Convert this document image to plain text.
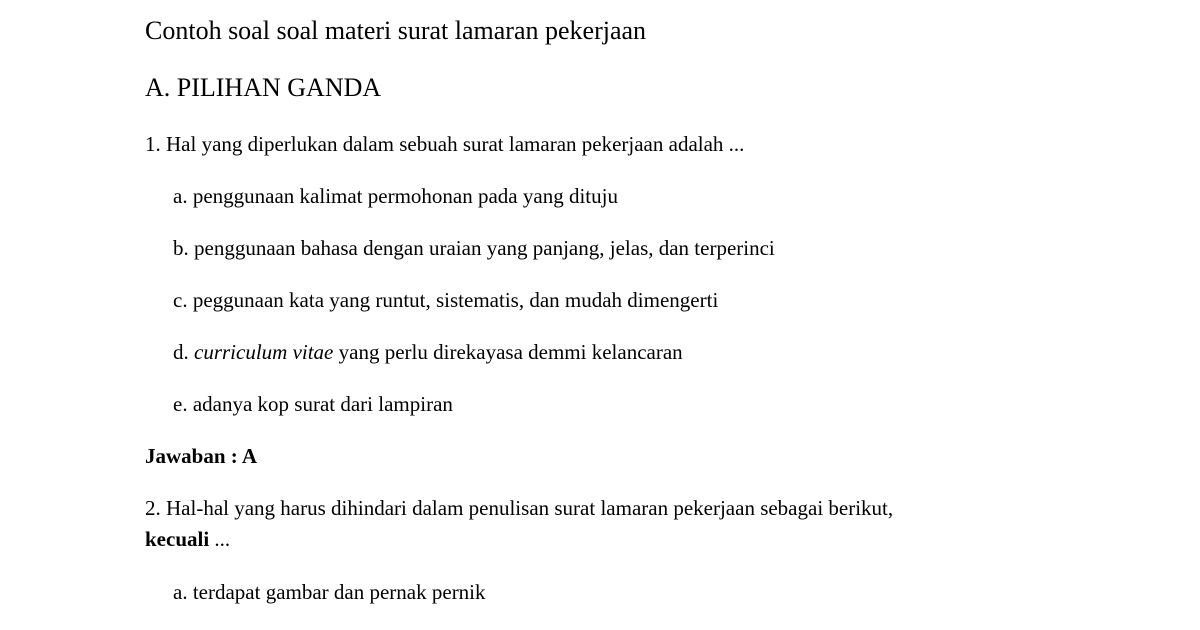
Contoh soal soal materi surat lamaran pekerjaan
A. PILIHAN GANDA
1. Hal yang diperlukan dalam sebuah surat lamaran pekerjaan adalah ...
a. penggunaan kalimat permohonan pada yang dituju
b. penggunaan bahasa dengan uraian yang panjang, jelas, dan terperinci
c. peggunaan kata yang runtut, sistematis, dan mudah dimengerti
d. curriculum vitae yang perlu direkayasa demmi kelancaran
e. adanya kop surat dari lampiran
Jawaban : A
2. Hal-hal yang harus dihindari dalam penulisan surat lamaran pekerjaan sebagai berikut,
kecuali ...
a. terdapat gambar dan pernak pernik
